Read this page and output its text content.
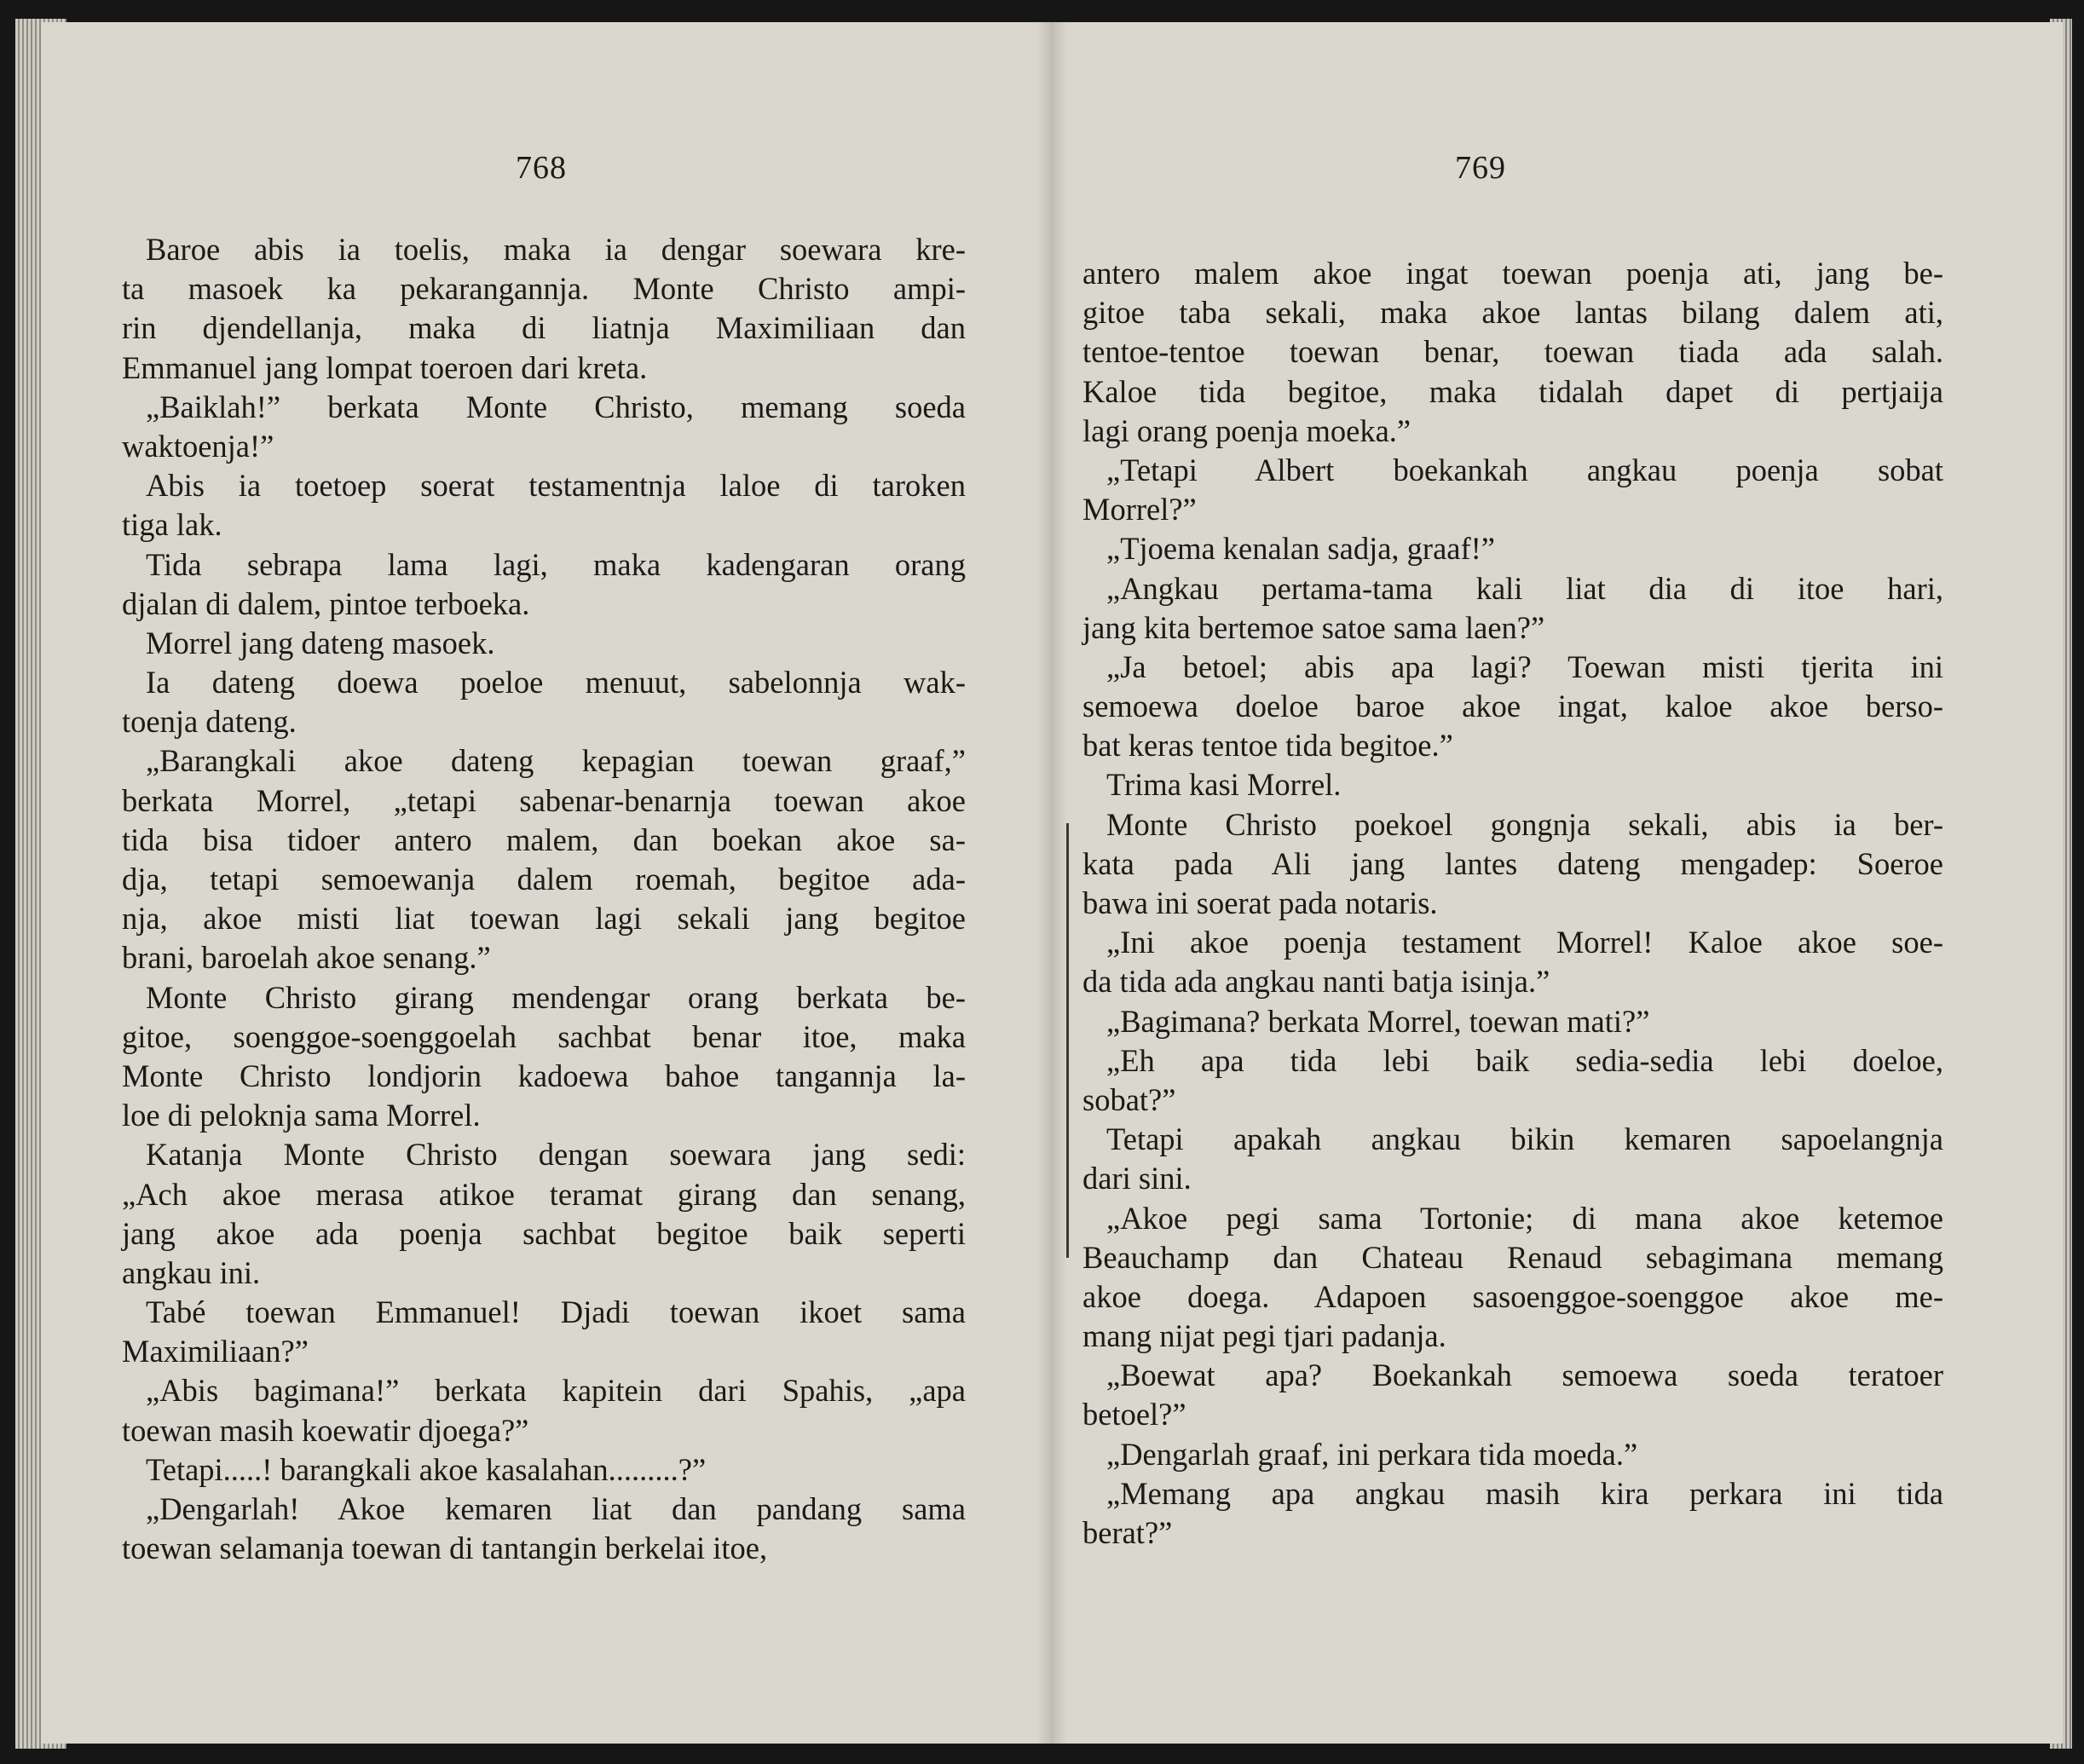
768	769
Baroe abis ia toelis, maka ia dengar soewara kre-
ta masoek ka pekarangannja. Monte Christo ampi-
rin djendellanja, maka di liatnja Maximiliaan dan
Emmanuel jang lompat toeroen dari kreta.
„Baiklah!” berkata Monte Christo, memang soeda
waktoenja!”
Abis ia toetoep soerat testamentnja laloe di taroken
tiga lak.
Tida sebrapa lama lagi, maka kadengaran orang
djalan di dalem, pintoe terboeka.
Morrel jang dateng masoek.
Ia dateng doewa poeloe menuut, sabelonnja wak-
toenja dateng.
„Barangkali akoe dateng kepagian toewan graaf,”
berkata Morrel, „tetapi sabenar-benarnja toewan akoe
tida bisa tidoer antero malem, dan boekan akoe sa-
dja, tetapi semoewanja dalem roemah, begitoe ada-
nja, akoe misti liat toewan lagi sekali jang begitoe
brani, baroelah akoe senang.”
Monte Christo girang mendengar orang berkata be-
gitoe, soenggoe-soenggoelah sachbat benar itoe, maka
Monte Christo londjorin kadoewa bahoe tangannja la-
loe di peloknja sama Morrel.
Katanja Monte Christo dengan soewara jang sedi:
„Ach akoe merasa atikoe teramat girang dan senang,
jang akoe ada poenja sachbat begitoe baik seperti
angkau ini.
Tabé toewan Emmanuel! Djadi toewan ikoet sama
Maximiliaan?”
„Abis bagimana!” berkata kapitein dari Spahis, „apa
toewan masih koewatir djoega?”
Tetapi.....! barangkali akoe kasalahan.........?”
„Dengarlah! Akoe kemaren liat dan pandang sama
toewan selamanja toewan di tantangin berkelai itoe,
antero malem akoe ingat toewan poenja ati, jang be-
gitoe taba sekali, maka akoe lantas bilang dalem ati,
tentoe-tentoe toewan benar, toewan tiada ada salah.
Kaloe tida begitoe, maka tidalah dapet di pertjaija
lagi orang poenja moeka.”
„Tetapi Albert boekankah angkau poenja sobat
Morrel?”
„Tjoema kenalan sadja, graaf!”
„Angkau pertama-tama kali liat dia di itoe hari,
jang kita bertemoe satoe sama laen?”
„Ja betoel; abis apa lagi? Toewan misti tjerita ini
semoewa doeloe baroe akoe ingat, kaloe akoe berso-
bat keras tentoe tida begitoe.”
Trima kasi Morrel.
Monte Christo poekoel gongnja sekali, abis ia ber-
kata pada Ali jang lantes dateng mengadep: Soeroe
bawa ini soerat pada notaris.
„Ini akoe poenja testament Morrel! Kaloe akoe soe-
da tida ada angkau nanti batja isinja.”
„Bagimana? berkata Morrel, toewan mati?”
„Eh apa tida lebi baik sedia-sedia lebi doeloe,
sobat?”
Tetapi apakah angkau bikin kemaren sapoelangnja
dari sini.
„Akoe pegi sama Tortonie; di mana akoe ketemoe
Beauchamp dan Chateau Renaud sebagimana memang
akoe doega. Adapoen sasoenggoe-soenggoe akoe me-
mang nijat pegi tjari padanja.
„Boewat apa? Boekankah semoewa soeda teratoer
betoel?”
„Dengarlah graaf, ini perkara tida moeda.”
„Memang apa angkau masih kira perkara ini tida
berat?”
